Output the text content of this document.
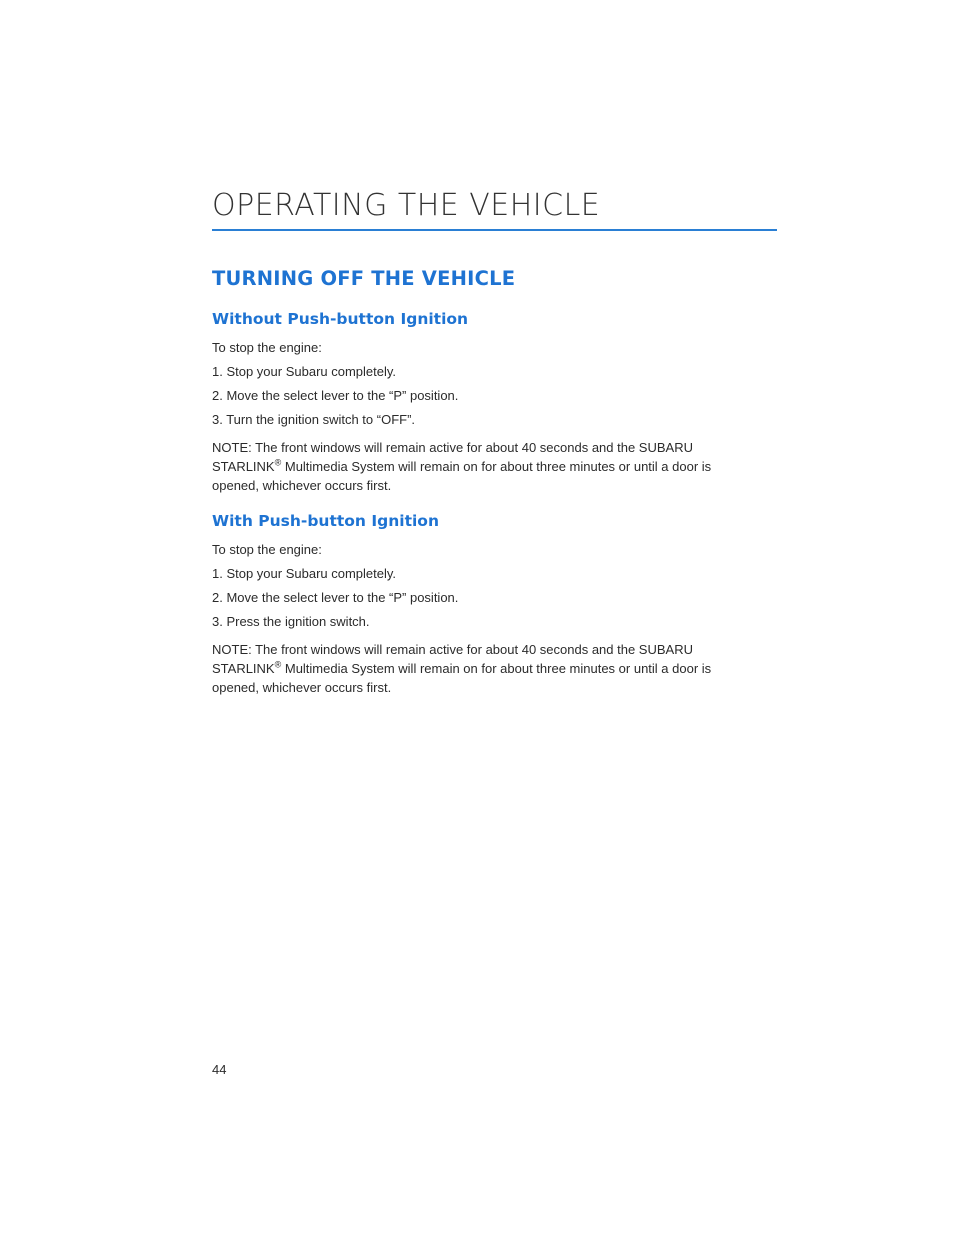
OPERATING THE VEHICLE
TURNING OFF THE VEHICLE
Without Push-button Ignition

To stop the engine:

1. Stop your Subaru completely.

2. Move the select lever to the “P” position.

3. Turn the ignition switch to “OFF”.

NOTE: The front windows will remain active for about 40 seconds and the SUBARU
STARLINK® Multimedia System will remain on for about three minutes or until a door is
opened, whichever occurs first.

With Push-button Ignition

To stop the engine:

1. Stop your Subaru completely.

2. Move the select lever to the “P” position.

3. Press the ignition switch.

NOTE: The front windows will remain active for about 40 seconds and the SUBARU
STARLINK® Multimedia System will remain on for about three minutes or until a door is
opened, whichever occurs first.

44
